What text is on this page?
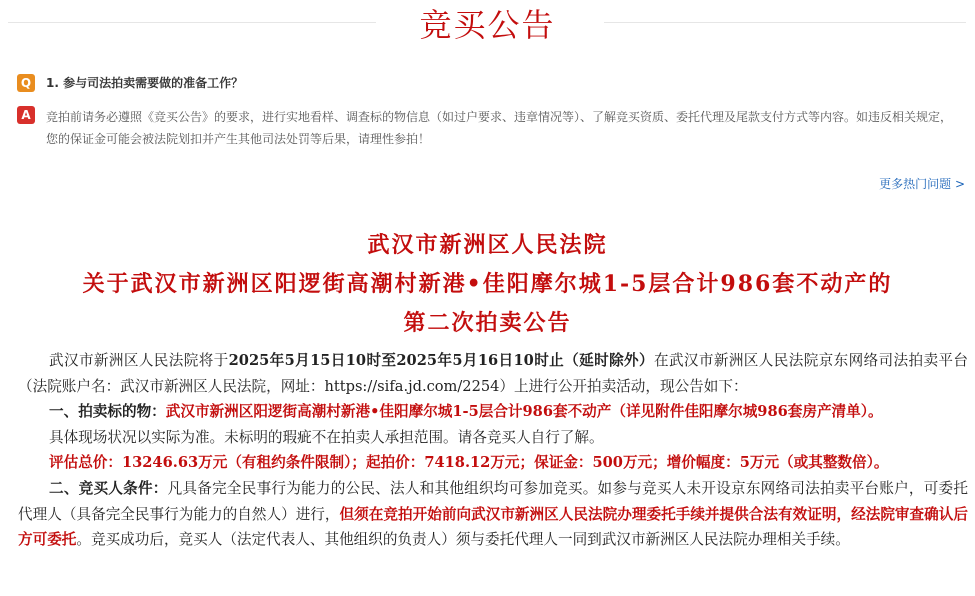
竞买公告
Q	1. 参与司法拍卖需要做的准备工作？
A	竞拍前请务必遵照《竞买公告》的要求，进行实地看样、调查标的物信息（如过户要求、违章情况等）、了解竞买资质、委托代理及尾款支付方式等内容。如违反相关规定，您的保证金可能会被法院划扣并产生其他司法处罚等后果，请理性参拍！
更多热门问题 >
武汉市新洲区人民法院
关于武汉市新洲区阳逻街高潮村新港•佳阳摩尔城1-5层合计986套不动产的
第二次拍卖公告

武汉市新洲区人民法院将于2025年5月15日10时至2025年5月16日10时止（延时除外）在武汉市新洲区人民法院京东网络司法拍卖平台（法院账户名：武汉市新洲区人民法院，网址：https://sifa.jd.com/2254）上进行公开拍卖活动，现公告如下：

一、拍卖标的物：武汉市新洲区阳逻街高潮村新港•佳阳摩尔城1-5层合计986套不动产（详见附件佳阳摩尔城986套房产清单）。

具体现场状况以实际为准。未标明的瑕疵不在拍卖人承担范围。请各竞买人自行了解。

评估总价：13246.63万元（有租约条件限制）；起拍价：7418.12万元；保证金：500万元；增价幅度：5万元（或其整数倍）。

二、竞买人条件：凡具备完全民事行为能力的公民、法人和其他组织均可参加竞买。如参与竞买人未开设京东网络司法拍卖平台账户，可委托代理人（具备完全民事行为能力的自然人）进行，但须在竞拍开始前向武汉市新洲区人民法院办理委托手续并提供合法有效证明，经法院审查确认后方可委托。竞买成功后，竞买人（法定代表人、其他组织的负责人）须与委托代理人一同到武汉市新洲区人民法院办理相关手续。
